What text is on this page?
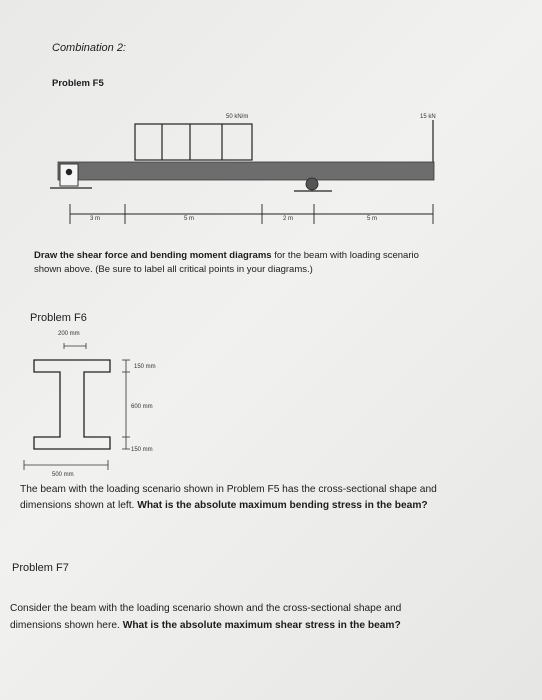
Combination 2:
Problem F5
50 kN/m	15 kN
3 m	5 m	2 m	5 m
Draw the shear force and bending moment diagrams for the beam with loading scenario
shown above. (Be sure to label all critical points in your diagrams.)
Problem F6
200 mm
150 mm
600 mm
150 mm
500 mm
The beam with the loading scenario shown in Problem F5 has the cross-sectional shape and
dimensions shown at left. What is the absolute maximum bending stress in the beam?
Problem F7
Consider the beam with the loading scenario shown and the cross-sectional shape and
dimensions shown here. What is the absolute maximum shear stress in the beam?
